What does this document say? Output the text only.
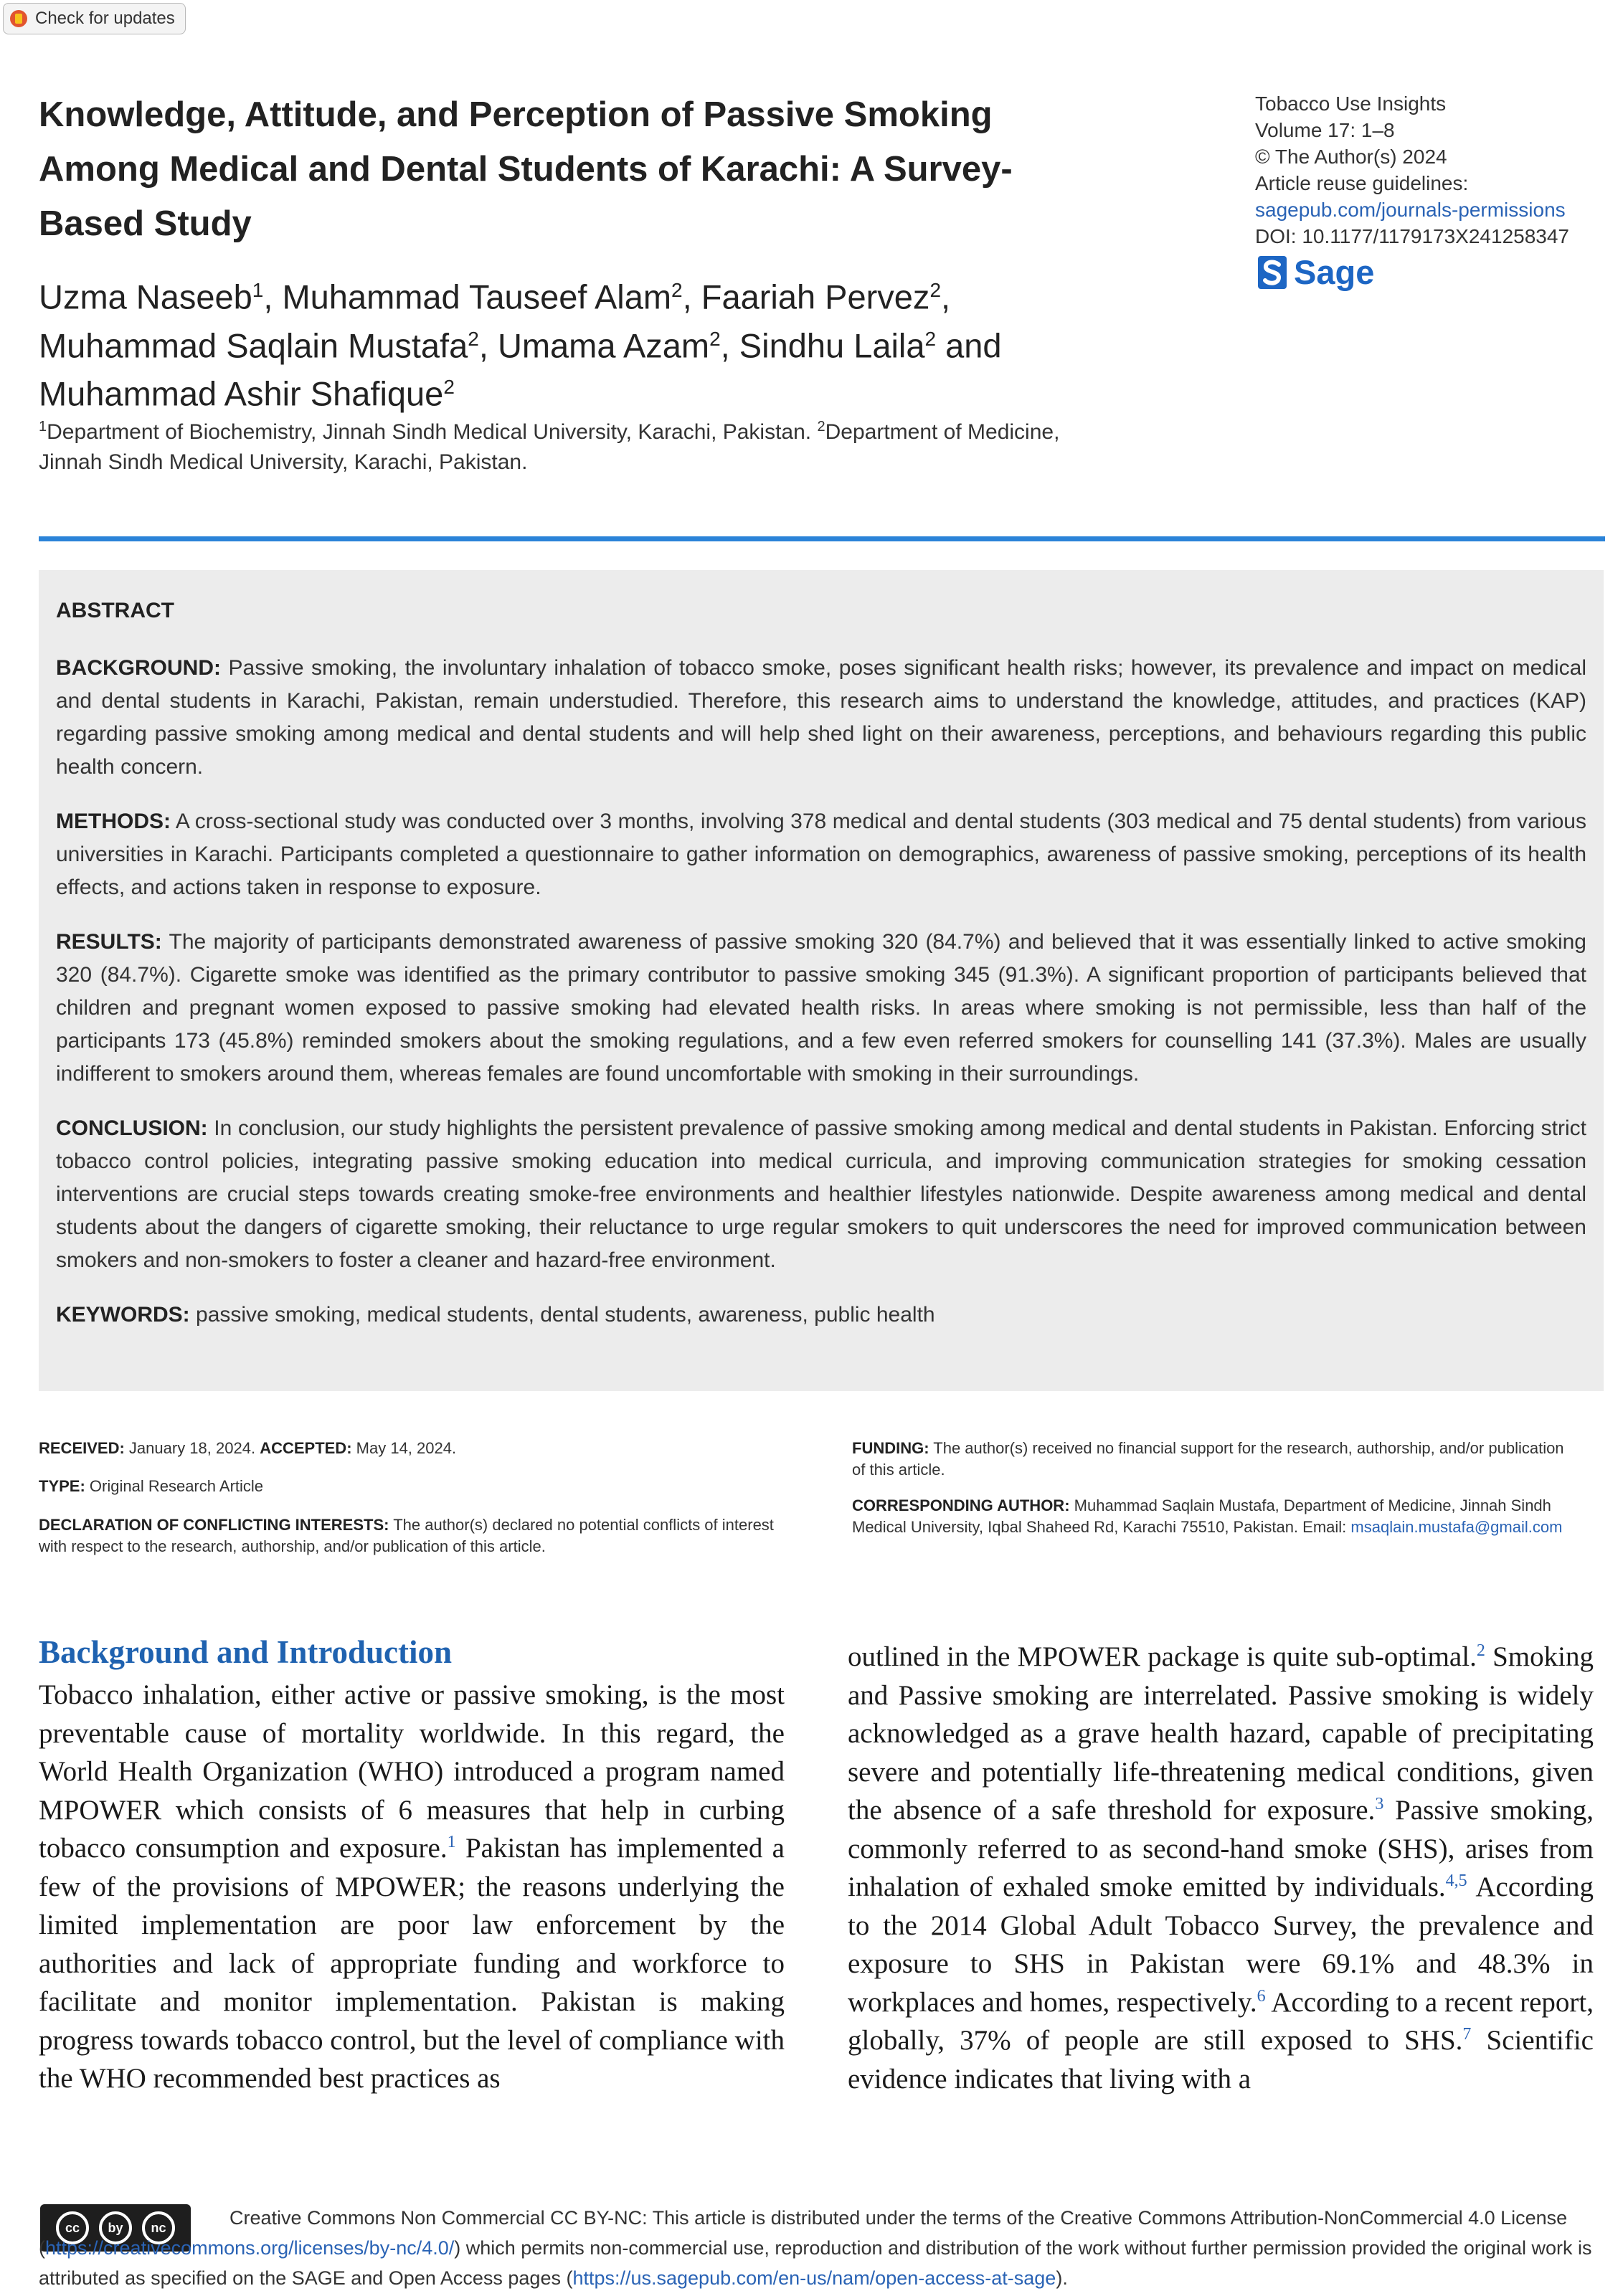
Check for updates
Knowledge, Attitude, and Perception of Passive Smoking Among Medical and Dental Students of Karachi: A Survey-Based Study
Uzma Naseeb$^1$, Muhammad Tauseef Alam$^2$, Faariah Pervez$^2$, Muhammad Saqlain Mustafa$^2$, Umama Azam$^2$, Sindhu Laila$^2$ and Muhammad Ashir Shafique$^2$
$^1$Department of Biochemistry, Jinnah Sindh Medical University, Karachi, Pakistan. $^2$Department of Medicine, Jinnah Sindh Medical University, Karachi, Pakistan.
Tobacco Use Insights
Volume 17: 1–8
© The Author(s) 2024
Article reuse guidelines:
sagepub.com/journals-permissions
DOI: 10.1177/1179173X241258347
Sage
ABSTRACT

BACKGROUND: Passive smoking, the involuntary inhalation of tobacco smoke, poses significant health risks; however, its prevalence and impact on medical and dental students in Karachi, Pakistan, remain understudied. Therefore, this research aims to understand the knowledge, attitudes, and practices (KAP) regarding passive smoking among medical and dental students and will help shed light on their awareness, perceptions, and behaviours regarding this public health concern.

METHODS: A cross-sectional study was conducted over 3 months, involving 378 medical and dental students (303 medical and 75 dental students) from various universities in Karachi. Participants completed a questionnaire to gather information on demographics, awareness of passive smoking, perceptions of its health effects, and actions taken in response to exposure.

RESULTS: The majority of participants demonstrated awareness of passive smoking 320 (84.7%) and believed that it was essentially linked to active smoking 320 (84.7%). Cigarette smoke was identified as the primary contributor to passive smoking 345 (91.3%). A significant proportion of participants believed that children and pregnant women exposed to passive smoking had elevated health risks. In areas where smoking is not permissible, less than half of the participants 173 (45.8%) reminded smokers about the smoking regulations, and a few even referred smokers for counselling 141 (37.3%). Males are usually indifferent to smokers around them, whereas females are found uncomfortable with smoking in their surroundings.

CONCLUSION: In conclusion, our study highlights the persistent prevalence of passive smoking among medical and dental students in Pakistan. Enforcing strict tobacco control policies, integrating passive smoking education into medical curricula, and improving communication strategies for smoking cessation interventions are crucial steps towards creating smoke-free environments and healthier lifestyles nationwide. Despite awareness among medical and dental students about the dangers of cigarette smoking, their reluctance to urge regular smokers to quit underscores the need for improved communication between smokers and non-smokers to foster a cleaner and hazard-free environment.

KEYWORDS: passive smoking, medical students, dental students, awareness, public health

RECEIVED: January 18, 2024. ACCEPTED: May 14, 2024.
TYPE: Original Research Article
DECLARATION OF CONFLICTING INTERESTS: The author(s) declared no potential conflicts of interest with respect to the research, authorship, and/or publication of this article.
FUNDING: The author(s) received no financial support for the research, authorship, and/or publication of this article.
CORRESPONDING AUTHOR: Muhammad Saqlain Mustafa, Department of Medicine, Jinnah Sindh Medical University, Iqbal Shaheed Rd, Karachi 75510, Pakistan. Email: msaqlain.mustafa@gmail.com
Background and Introduction
Tobacco inhalation, either active or passive smoking, is the most preventable cause of mortality worldwide. In this regard, the World Health Organization (WHO) introduced a program named MPOWER which consists of 6 measures that help in curbing tobacco consumption and exposure.$^1$ Pakistan has implemented a few of the provisions of MPOWER; the reasons underlying the limited implementation are poor law enforcement by the authorities and lack of appropriate funding and workforce to facilitate and monitor implementation. Pakistan is making progress towards tobacco control, but the level of compliance with the WHO recommended best practices as
outlined in the MPOWER package is quite sub-optimal.$^2$ Smoking and Passive smoking are interrelated. Passive smoking is widely acknowledged as a grave health hazard, capable of precipitating severe and potentially life-threatening medical conditions, given the absence of a safe threshold for exposure.$^3$ Passive smoking, commonly referred to as second-hand smoke (SHS), arises from inhalation of exhaled smoke emitted by individuals.$^{4,5}$ According to the 2014 Global Adult Tobacco Survey, the prevalence and exposure to SHS in Pakistan were 69.1% and 48.3% in workplaces and homes, respectively.$^6$ According to a recent report, globally, 37% of people are still exposed to SHS.$^7$ Scientific evidence indicates that living with a
cc by nc	Creative Commons Non Commercial CC BY-NC: This article is distributed under the terms of the Creative Commons Attribution-NonCommercial 4.0 License (https://creativecommons.org/licenses/by-nc/4.0/) which permits non-commercial use, reproduction and distribution of the work without further permission provided the original work is attributed as specified on the SAGE and Open Access pages (https://us.sagepub.com/en-us/nam/open-access-at-sage).
